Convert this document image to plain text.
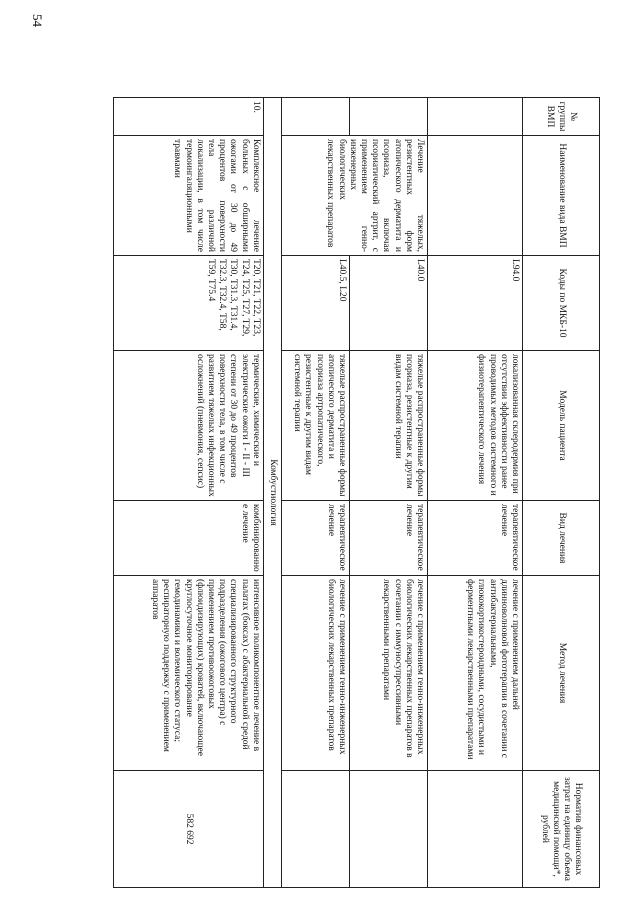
54
№ группы ВМП	Наименование вида ВМП	Коды по МКБ-10	Модель пациента	Вид лечения	Метод лечения	Норматив финансовых затрат на единицу объема медицинской помощи*, рублей
		L94.0	локализованная склеродермия при отсутствии эффективности ранее проводимых методов системного и физиотерапевтического лечения	терапевтическое лечение	лечение с применением дальней длинноволновой фототерапии в сочетании с антибактериальными, глюкокортикостероидными, сосудистыми и ферментными лекарственными препаратами	
	Лечение тяжелых, резистентных форм атопического дерматита и псориаза, включая псориатический артрит, с применением генно-инженерных биологических лекарственных препаратов	L40.0	тяжелые распространенные формы псориаза, резистентные к другим видам системной терапии	терапевтическое лечение	лечение с применением генно-инженерных биологических лекарственных препаратов в сочетании с иммуносупрессивными лекарственными препаратами	
		L40.5, L20	тяжелые распространенные формы атопического дерматита и псориаза артропатического, резистентные к другим видам системной терапии	терапевтическое лечение	лечение с применением генно-инженерных биологических лекарственных препаратов	
Комбустиология						
10.	Комплексное лечение больных с обширными ожогами от 30 до 49 процентов поверхности тела различной локализации, в том числе термоингаляционными травмами	T20, T21, T22, T23, T24, T25, T27, T29, T30, T31.3, T31.4, T32.3, T32.4, T58, T59, T75.4	термические, химические и электрические ожоги I - II - III степени от 30 до 49 процентов поверхности тела, в том числе с развитием тяжелых инфекционных осложнений (пневмония, сепсис)	комбинированное лечение	интенсивное поликомпонентное лечение в палатах (боксах) с абактериальной средой специализированного структурного подразделения (ожогового центра) с применением противоожоговых (флюидизирующих) кроватей, включающее круглосуточное мониторирование гемодинамики и волемического статуса; респираторную поддержку с применением аппаратов	582 692
